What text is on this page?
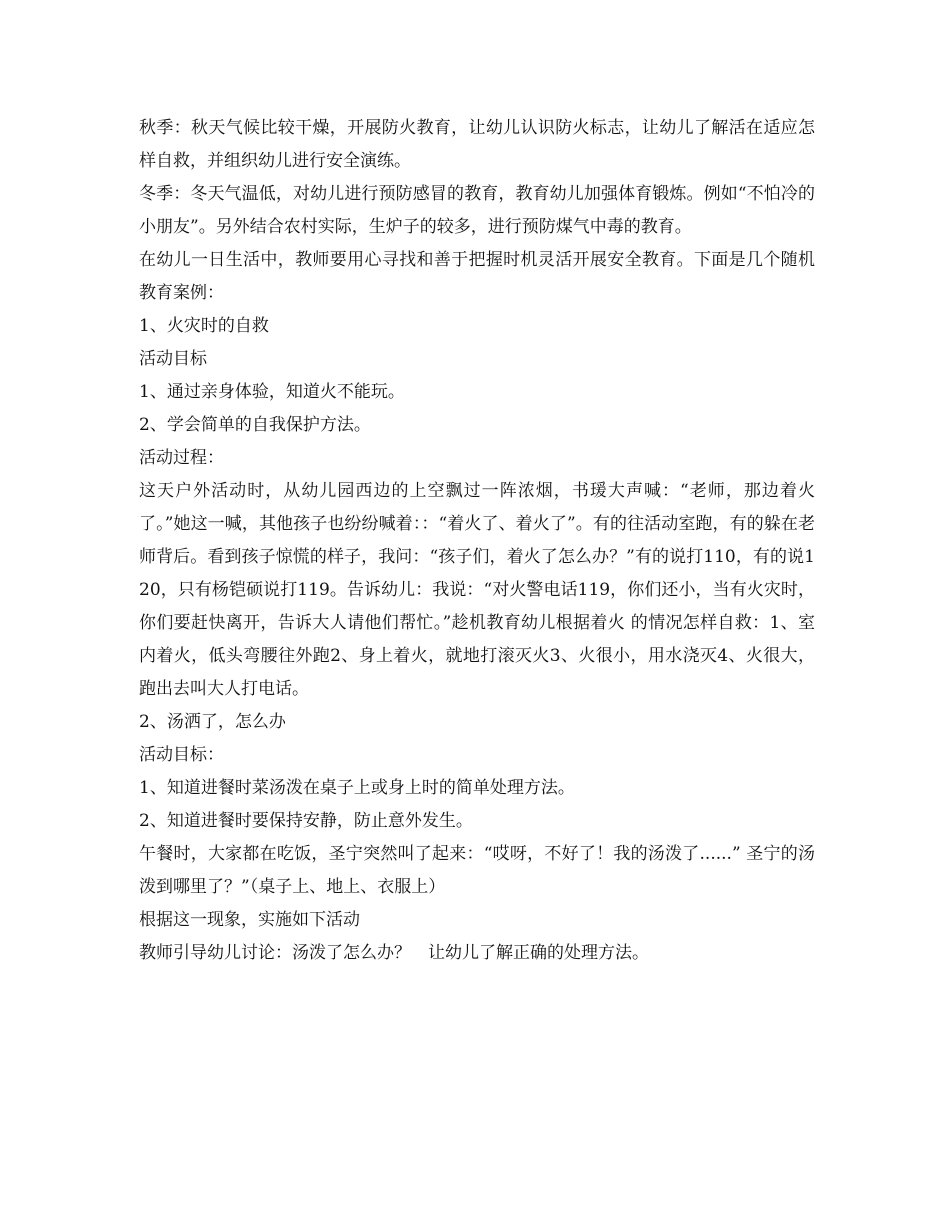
秋季：秋天气候比较干燥，开展防火教育，让幼儿认识防火标志，让幼儿了解活在适应怎样自救，并组织幼儿进行安全演练。

冬季：冬天气温低，对幼儿进行预防感冒的教育，教育幼儿加强体育锻炼。例如“不怕冷的小朋友”。另外结合农村实际，生炉子的较多，进行预防煤气中毒的教育。

在幼儿一日生活中，教师要用心寻找和善于把握时机灵活开展安全教育。下面是几个随机教育案例：

1、火灾时的自救

活动目标

1、通过亲身体验，知道火不能玩。

2、学会简单的自我保护方法。

活动过程：

这天户外活动时，从幼儿园西边的上空飘过一阵浓烟，书瑗大声喊：“老师，那边着火了。”她这一喊，其他孩子也纷纷喊着：：“着火了、着火了”。有的往活动室跑，有的躲在老师背后。看到孩子惊慌的样子，我问：“孩子们，着火了怎么办？”有的说打110，有的说120，只有杨铠硕说打119。告诉幼儿：我说：“对火警电话119，你们还小，当有火灾时，你们要赶快离开，告诉大人请他们帮忙。”趁机教育幼儿根据着火 的情况怎样自救：1、室内着火，低头弯腰往外跑2、身上着火，就地打滚灭火3、火很小，用水浇灭4、火很大，跑出去叫大人打电话。

2、汤洒了，怎么办

活动目标：

1、知道进餐时菜汤泼在桌子上或身上时的简单处理方法。

2、知道进餐时要保持安静，防止意外发生。

午餐时，大家都在吃饭，圣宁突然叫了起来：“哎呀，不好了！我的汤泼了......” 圣宁的汤泼到哪里了？”（桌子上、地上、衣服上）

根据这一现象，实施如下活动

教师引导幼儿讨论：汤泼了怎么办？　让幼儿了解正确的处理方法。
